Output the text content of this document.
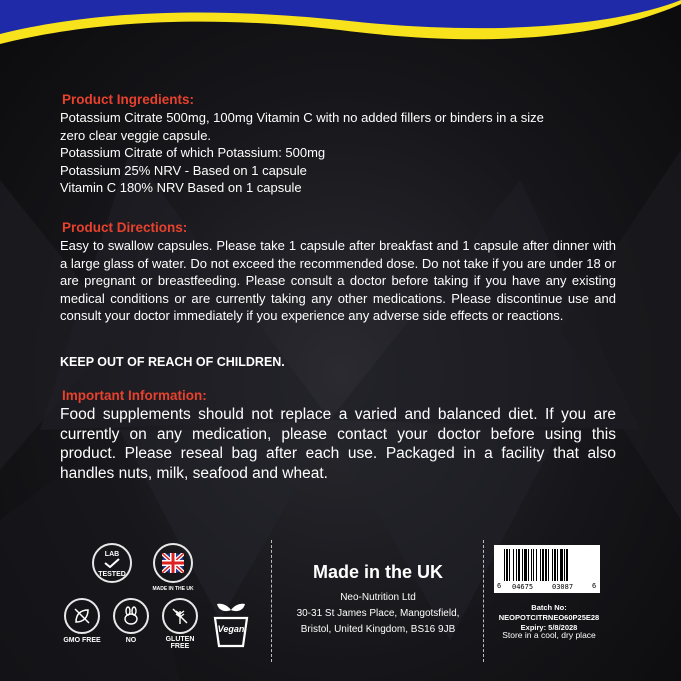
Product Ingredients:

Potassium Citrate 500mg, 100mg Vitamin C with no added fillers or binders in a size
zero clear veggie capsule.
Potassium Citrate of which Potassium: 500mg
Potassium 25% NRV - Based on 1 capsule
Vitamin C 180% NRV Based on 1 capsule

Product Directions:

Easy to swallow capsules. Please take 1 capsule after breakfast and 1 capsule after dinner with a large glass of water. Do not exceed the recommended dose. Do not take if you are under 18 or are pregnant or breastfeeding. Please consult a doctor before taking if you have any existing medical conditions or are currently taking any other medications. Please discontinue use and consult your doctor immediately if you experience any adverse side effects or reactions.

KEEP OUT OF REACH OF CHILDREN.
Important Information:

Food supplements should not replace a varied and balanced diet. If you are currently on any medication, please contact your doctor before using this product. Please reseal bag after each use. Packaged in a facility that also handles nuts, milk, seafood and wheat.

LAB
TESTED
MADE IN THE UK
GMO FREE	NO	GLUTEN
FREE
Vegan
Made in the UK
Neo-Nutrition Ltd
30-31 St James Place, Mangotsfield,
Bristol, United Kingdom, BS16 9JB
6 04675	03087	6
Batch No: NEOPOTCITRNEO60P25E28
Expiry: 5/8/2028
Store in a cool, dry place
